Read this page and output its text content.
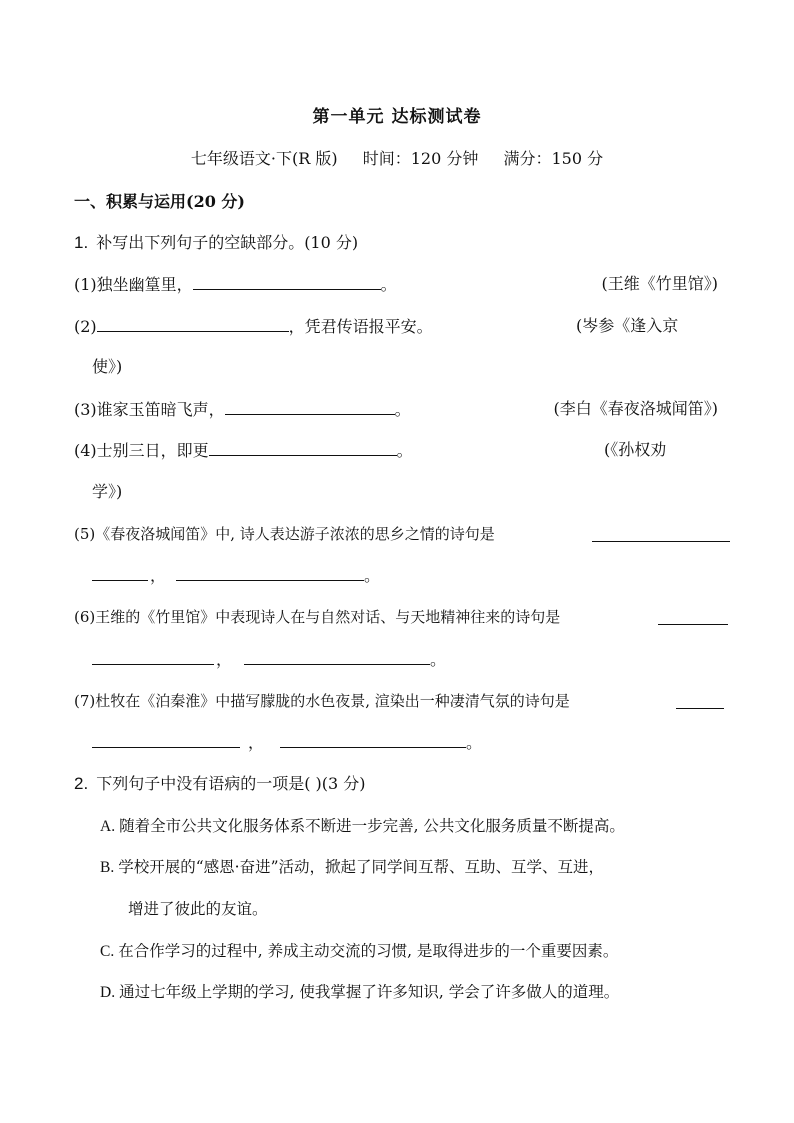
第一单元 达标测试卷
七年级语文·下(R 版) 时间：120 分钟 满分：150 分
一、积累与运用(20 分)
1. 补写出下列句子的空缺部分。(10 分)
(1)独坐幽篁里，	。	(王维《竹里馆》)
(2)	，凭君传语报平安。	(岑参《逢入京
使》)
(3)谁家玉笛暗飞声，	。	(李白《春夜洛城闻笛》)
(4)士别三日，即更	。	(《孙权劝
学》)
(5)《春夜洛城闻笛》中, 诗人表达游子浓浓的思乡之情的诗句是
，	。
(6)王维的《竹里馆》中表现诗人在与自然对话、与天地精神往来的诗句是
，	。
(7)杜牧在《泊秦淮》中描写朦胧的水色夜景, 渲染出一种凄清气氛的诗句是
，	。
2. 下列句子中没有语病的一项是( )(3 分)
A. 随着全市公共文化服务体系不断进一步完善, 公共文化服务质量不断提高。
B. 学校开展的“感恩·奋进”活动，掀起了同学间互帮、互助、互学、互进，
增进了彼此的友谊。
C. 在合作学习的过程中, 养成主动交流的习惯, 是取得进步的一个重要因素。
D. 通过七年级上学期的学习, 使我掌握了许多知识, 学会了许多做人的道理。
